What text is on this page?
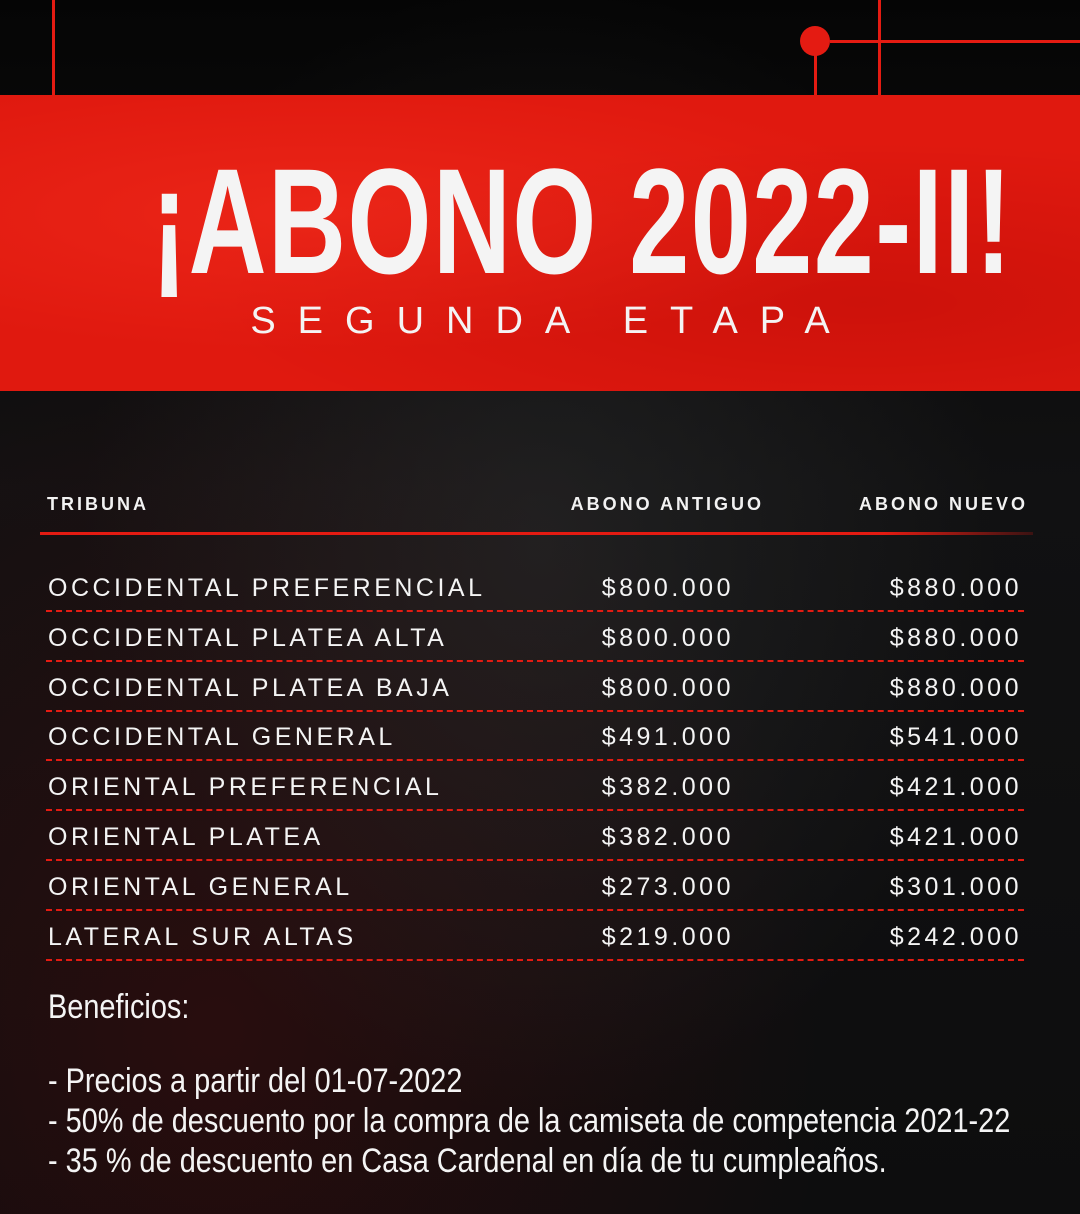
¡ABONO 2022-II!
SEGUNDA ETAPA
TRIBUNA	ABONO ANTIGUO	ABONO NUEVO
OCCIDENTAL PREFERENCIAL	$800.000	$880.000
OCCIDENTAL PLATEA ALTA	$800.000	$880.000
OCCIDENTAL PLATEA BAJA	$800.000	$880.000
OCCIDENTAL GENERAL	$491.000	$541.000
ORIENTAL PREFERENCIAL	$382.000	$421.000
ORIENTAL PLATEA	$382.000	$421.000
ORIENTAL GENERAL	$273.000	$301.000
LATERAL SUR ALTAS	$219.000	$242.000
Beneficios:
- Precios a partir del 01-07-2022
- 50% de descuento por la compra de la camiseta de competencia 2021-22
- 35 % de descuento en Casa Cardenal en día de tu cumpleaños.
